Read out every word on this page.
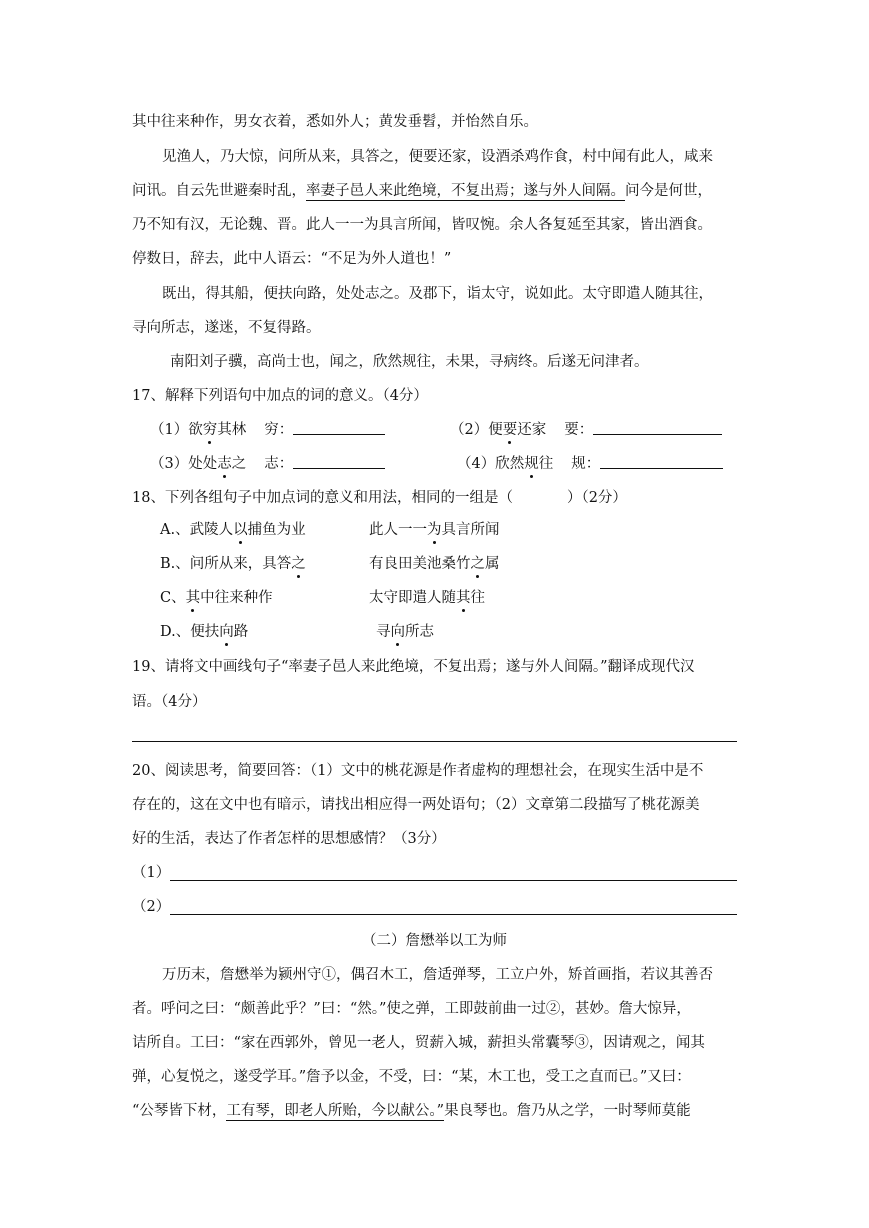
其中往来种作，男女衣着，悉如外人；黄发垂髫，并怡然自乐。
见渔人，乃大惊，问所从来，具答之，便要还家，设酒杀鸡作食，村中闻有此人，咸来
问讯。自云先世避秦时乱，率妻子邑人来此绝境，不复出焉；遂与外人间隔。问今是何世，
乃不知有汉，无论魏、晋。此人一一为具言所闻，皆叹惋。余人各复延至其家，皆出酒食。
停数日，辞去，此中人语云：“不足为外人道也！”
既出，得其船，便扶向路，处处志之。及郡下，诣太守，说如此。太守即遣人随其往，
寻向所志，遂迷，不复得路。
南阳刘子骥，高尚士也，闻之，欣然规往，未果，寻病终。后遂无问津者。
17、解释下列语句中加点的词的意义。（4分）
（1）欲穷其林 穷：	（2）便要还家 要：
（3）处处志之 志：	（4）欣然规往 规：
18、下列各组句子中加点词的意义和用法，相同的一组是（	）（2分）
A.、武陵人以捕鱼为业	此人一一为具言所闻
B.、问所从来，具答之	有良田美池桑竹之属
C、其中往来种作	太守即遣人随其往
D.、便扶向路	寻向所志
19、请将文中画线句子“率妻子邑人来此绝境，不复出焉；遂与外人间隔。”翻译成现代汉
语。（4分）
20、阅读思考，简要回答：（1）文中的桃花源是作者虚构的理想社会，在现实生活中是不
存在的，这在文中也有暗示，请找出相应得一两处语句；（2）文章第二段描写了桃花源美
好的生活，表达了作者怎样的思想感情？（3分）
（1）
（2）
（二）詹懋举以工为师
万历末，詹懋举为颍州守①，偶召木工，詹适弹琴，工立户外，矫首画指，若议其善否
者。呼问之曰：“颇善此乎？”曰：“然。”使之弹，工即鼓前曲一过②，甚妙。詹大惊异，
诘所自。工曰：“家在西郭外，曾见一老人，贸薪入城，薪担头常囊琴③，因请观之，闻其
弹，心复悦之，遂受学耳。”詹予以金，不受，曰：“某，木工也，受工之直而已。”又曰：
“公琴皆下材，工有琴，即老人所贻，今以献公。”果良琴也。詹乃从之学，一时琴师莫能
